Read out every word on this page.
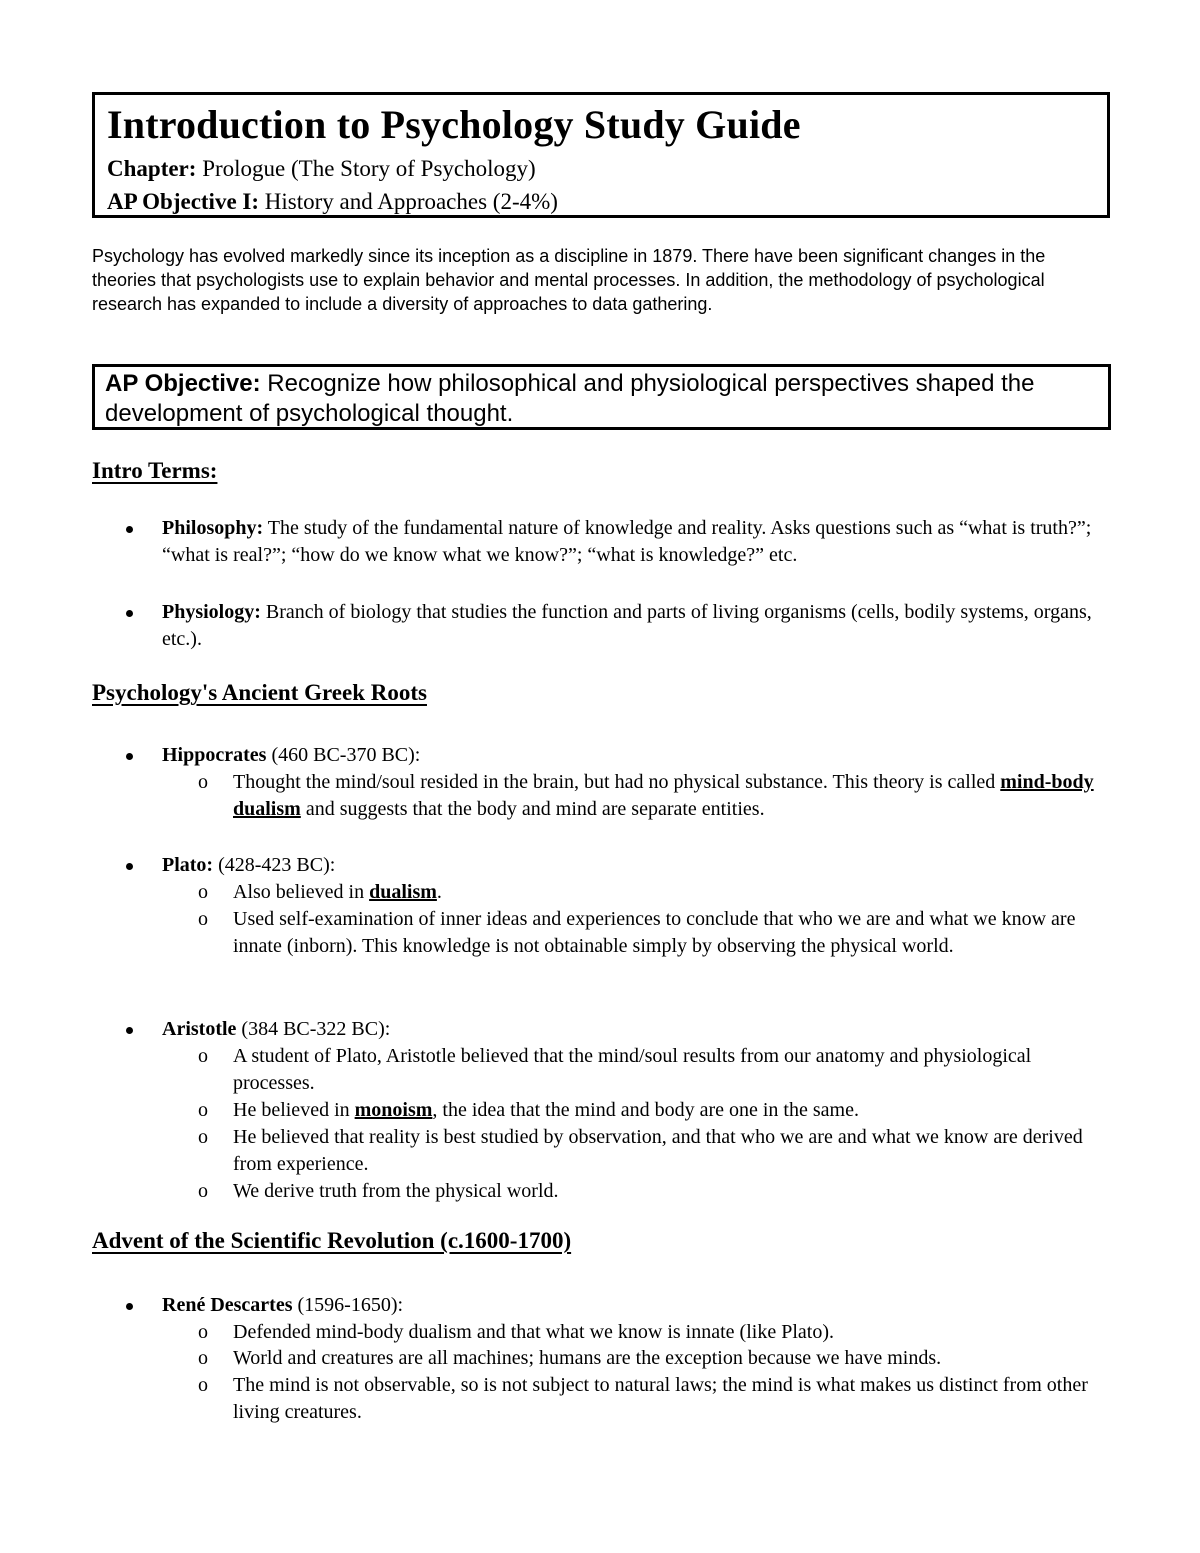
Introduction to Psychology Study Guide
Chapter: Prologue (The Story of Psychology)
AP Objective I: History and Approaches (2-4%)

Psychology has evolved markedly since its inception as a discipline in 1879. There have been significant changes in the theories that psychologists use to explain behavior and mental processes. In addition, the methodology of psychological research has expanded to include a diversity of approaches to data gathering.

AP Objective: Recognize how philosophical and physiological perspectives shaped the development of psychological thought.

Intro Terms:
Philosophy: The study of the fundamental nature of knowledge and reality. Asks questions such as “what is truth?”; “what is real?”; “how do we know what we know?”; “what is knowledge?” etc.
Physiology: Branch of biology that studies the function and parts of living organisms (cells, bodily systems, organs, etc.).
Psychology's Ancient Greek Roots
Hippocrates (460 BC-370 BC):
o Thought the mind/soul resided in the brain, but had no physical substance. This theory is called mind-body dualism and suggests that the body and mind are separate entities.
Plato: (428-423 BC):
o Also believed in dualism.
o Used self-examination of inner ideas and experiences to conclude that who we are and what we know are innate (inborn). This knowledge is not obtainable simply by observing the physical world.
Aristotle (384 BC-322 BC):
o A student of Plato, Aristotle believed that the mind/soul results from our anatomy and physiological processes.
o He believed in monoism, the idea that the mind and body are one in the same.
o He believed that reality is best studied by observation, and that who we are and what we know are derived from experience.
o We derive truth from the physical world.
Advent of the Scientific Revolution (c.1600-1700)
René Descartes (1596-1650):
o Defended mind-body dualism and that what we know is innate (like Plato).
o World and creatures are all machines; humans are the exception because we have minds.
o The mind is not observable, so is not subject to natural laws; the mind is what makes us distinct from other living creatures.
